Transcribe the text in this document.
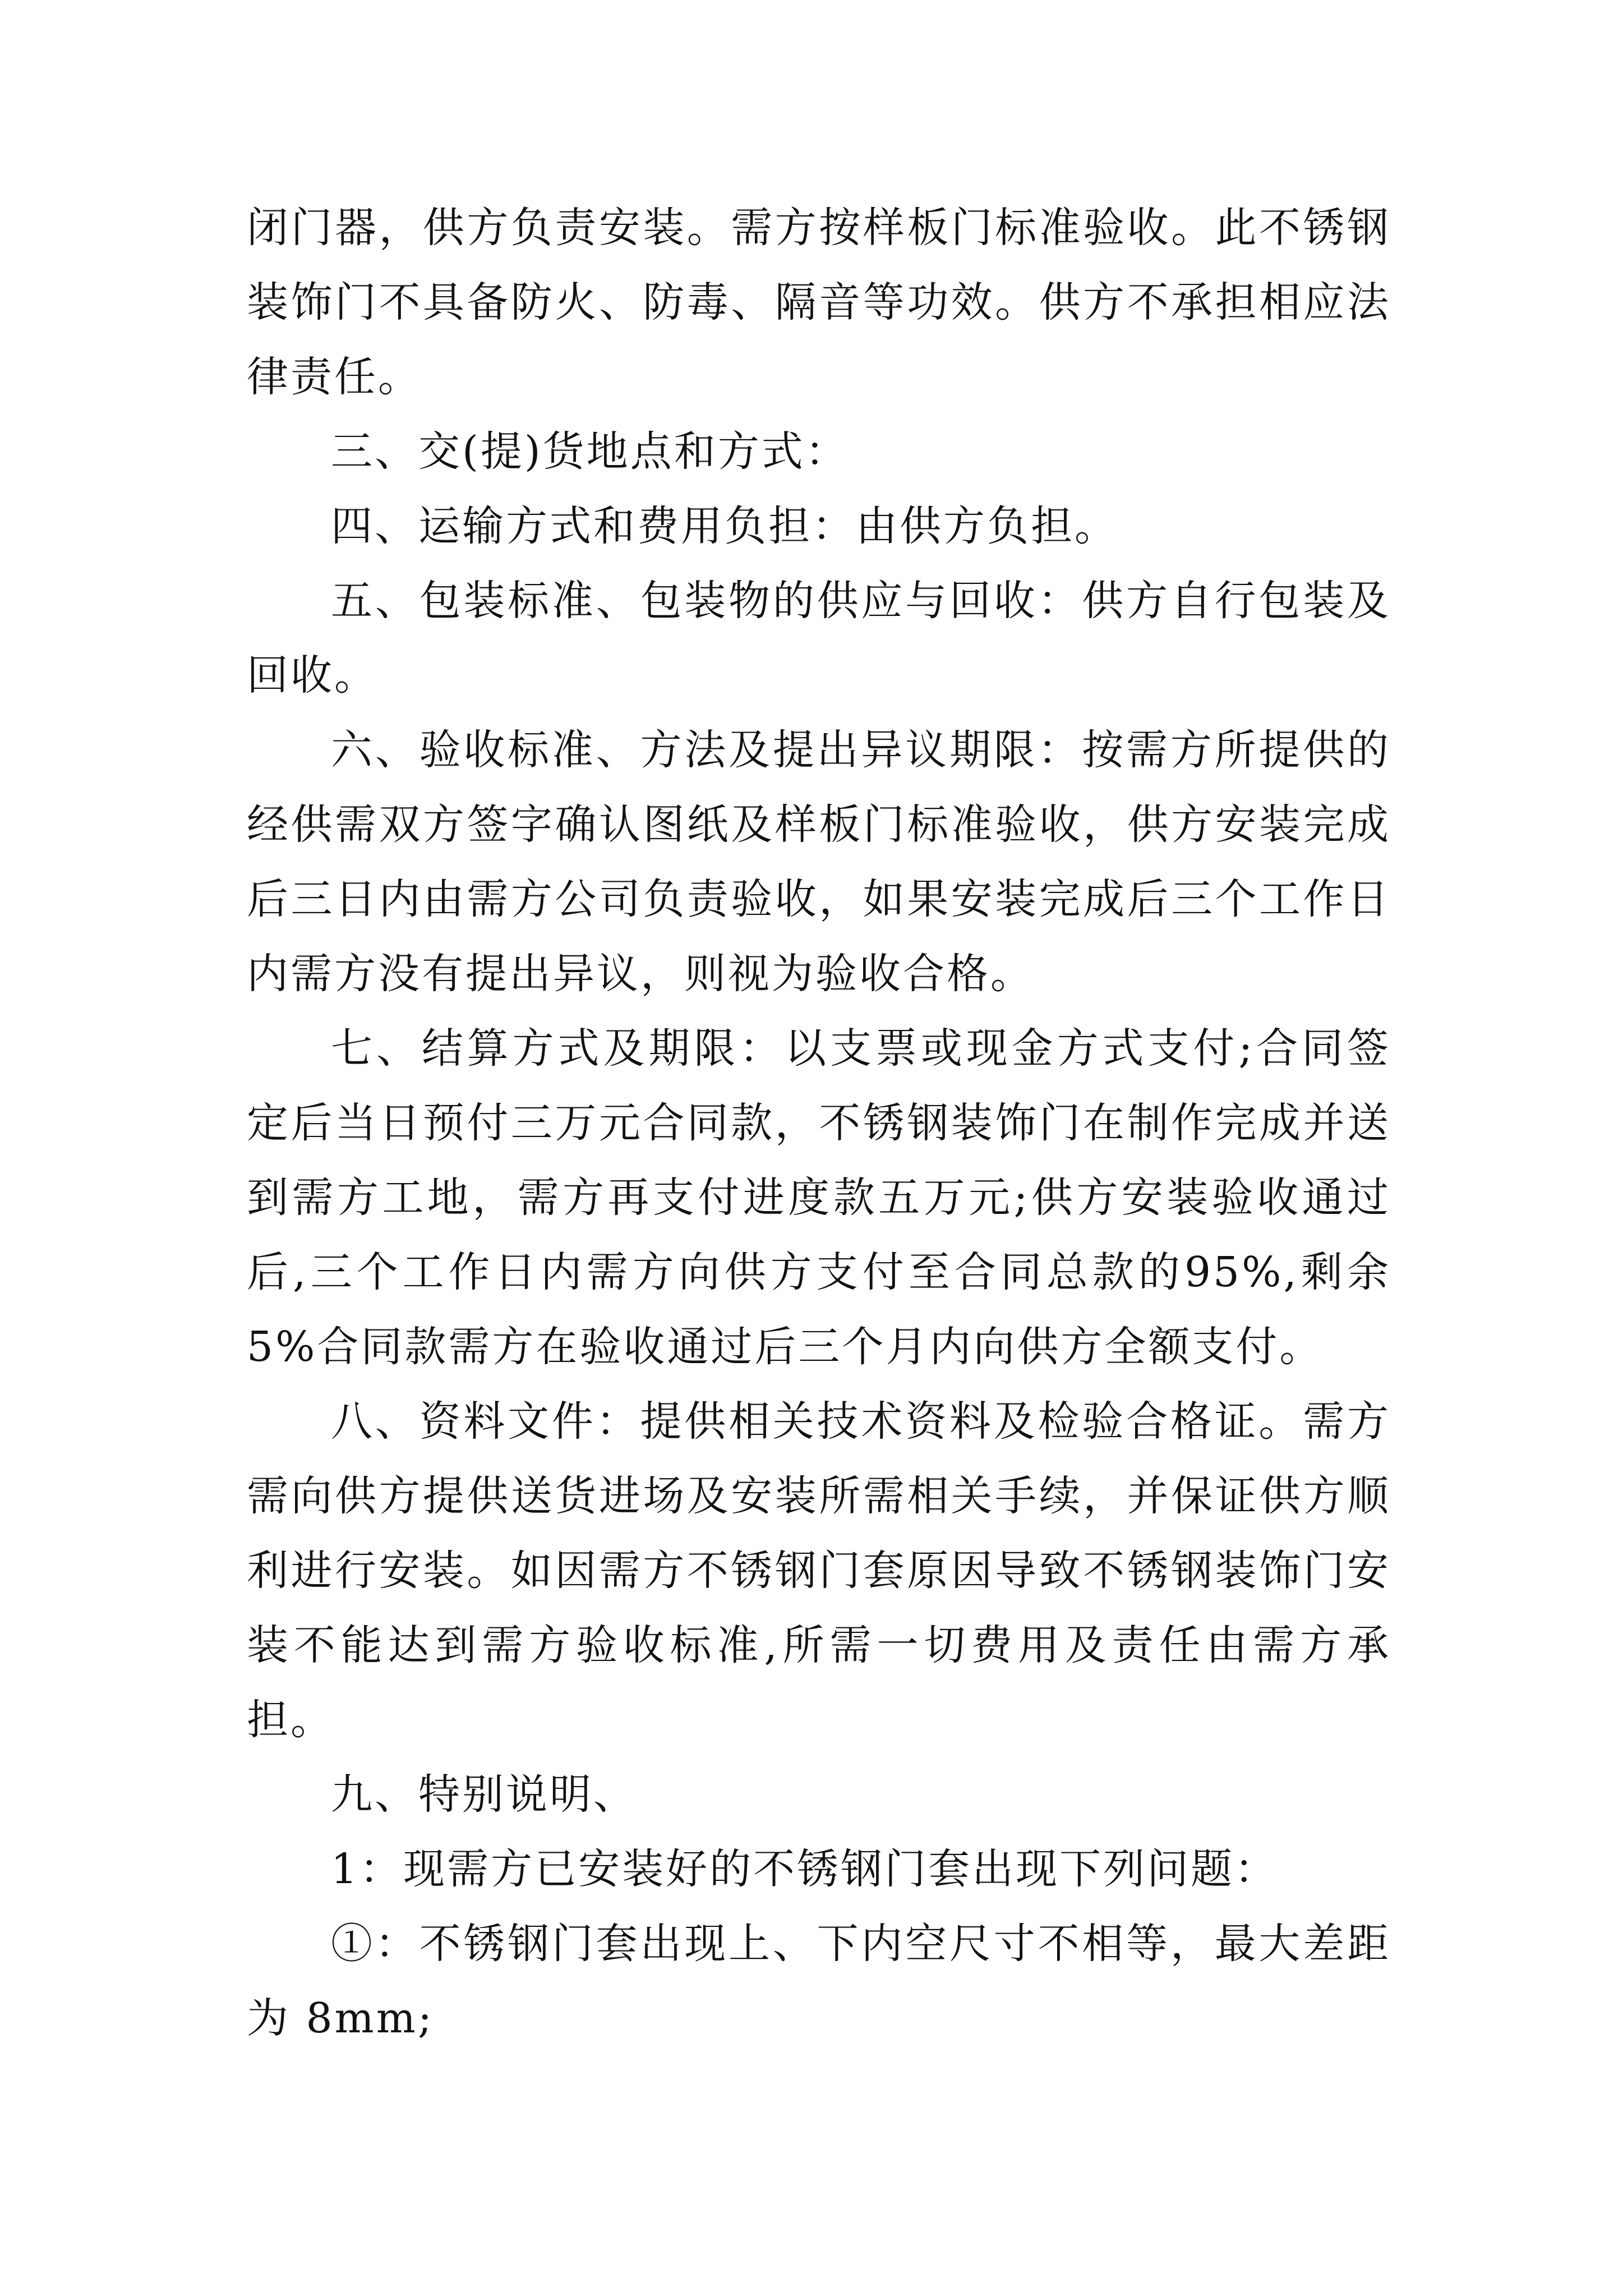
闭门器，供方负责安装。需方按样板门标准验收。此不锈钢装饰门不具备防火、防毒、隔音等功效。供方不承担相应法律责任。

三、交(提)货地点和方式：

四、运输方式和费用负担：由供方负担。

五、包装标准、包装物的供应与回收：供方自行包装及回收。

六、验收标准、方法及提出异议期限：按需方所提供的经供需双方签字确认图纸及样板门标准验收，供方安装完成后三日内由需方公司负责验收，如果安装完成后三个工作日内需方没有提出异议，则视为验收合格。

七、结算方式及期限：以支票或现金方式支付;合同签定后当日预付三万元合同款，不锈钢装饰门在制作完成并送到需方工地，需方再支付进度款五万元;供方安装验收通过后,三个工作日内需方向供方支付至合同总款的95%,剩余5%合同款需方在验收通过后三个月内向供方全额支付。

八、资料文件：提供相关技术资料及检验合格证。需方需向供方提供送货进场及安装所需相关手续，并保证供方顺利进行安装。如因需方不锈钢门套原因导致不锈钢装饰门安装不能达到需方验收标准,所需一切费用及责任由需方承担。

九、特别说明、

1：现需方已安装好的不锈钢门套出现下列问题：

①：不锈钢门套出现上、下内空尺寸不相等，最大差距为 8mm;
